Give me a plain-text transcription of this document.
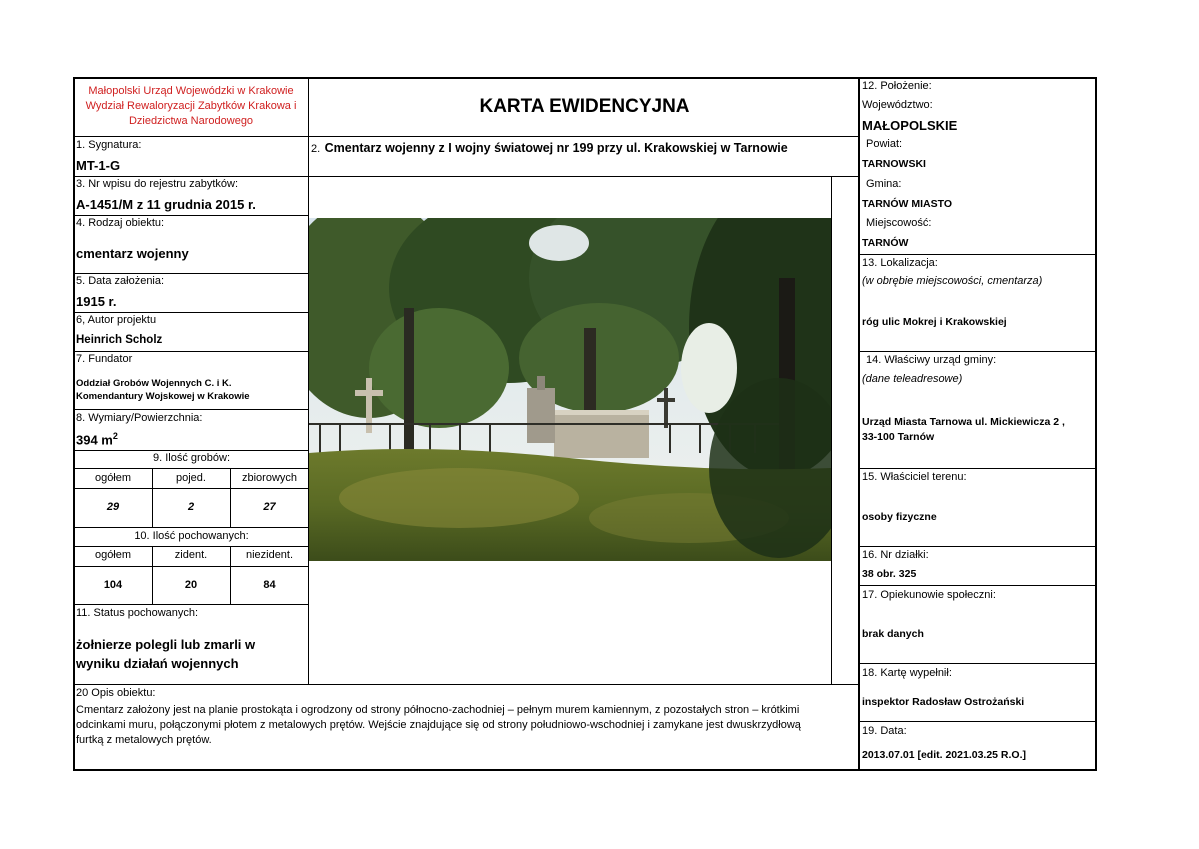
Małopolski Urząd Wojewódzki w Krakowie
Wydział Rewaloryzacji Zabytków Krakowa i
Dziedzictwa Narodowego
KARTA EWIDENCYJNA
1. Sygnatura:
MT-1-G
3. Nr wpisu do rejestru zabytków:
A-1451/M z 11 grudnia 2015 r.
4. Rodzaj obiektu:
cmentarz wojenny
5. Data założenia:
1915 r.
6, Autor projektu
Heinrich Scholz
7. Fundator
Oddział Grobów Wojennych C. i K.
Komendantury Wojskowej w Krakowie
8. Wymiary/Powierzchnia:
394 $m^2$
9. Ilość grobów:
ogółem	pojed.	zbiorowych
29	2	27
10. Ilość pochowanych:
ogółem	zident.	niezident.
104	20	84
11. Status pochowanych:
żołnierze polegli lub zmarli w
wyniku działań wojennych
2. Cmentarz wojenny z I wojny światowej nr 199 przy ul. Krakowskiej w Tarnowie
20 Opis obiektu:
Cmentarz założony jest na planie prostokąta i ogrodzony od strony północno-zachodniej – pełnym murem kamiennym, z pozostałych stron – krótkimi
odcinkami muru, połączonymi płotem z metalowych prętów. Wejście znajdujące się od strony południowo-wschodniej i zamykane jest dwuskrzydłową
furtką z metalowych prętów.
12. Położenie:
Województwo:
MAŁOPOLSKIE
Powiat:
TARNOWSKI
Gmina:
TARNÓW MIASTO
Miejscowość:
TARNÓW
13. Lokalizacja:
(w obrębie miejscowości, cmentarza)
róg ulic Mokrej i Krakowskiej
14. Właściwy urząd gminy:
(dane teleadresowe)
Urząd Miasta Tarnowa ul. Mickiewicza 2 ,
33-100 Tarnów
15. Właściciel terenu:
osoby fizyczne
16. Nr działki:
38 obr. 325
17. Opiekunowie społeczni:
brak danych
18. Kartę wypełnił:
inspektor Radosław Ostrożański
19. Data:
2013.07.01 [edit. 2021.03.25 R.O.]
